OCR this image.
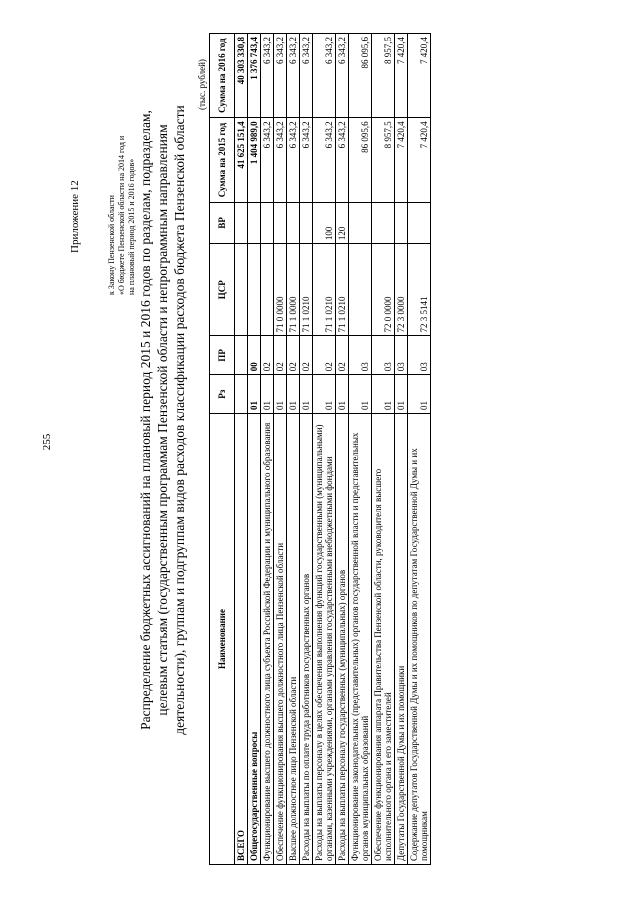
255
Приложение 12	к Закону Пензенской области «О бюджете Пензенской области на 2014 год и на плановый период 2015 и 2016 годов» Распределение бюджетных ассигнований на плановый период 2015 и 2016 годов по разделам, подразделам, целевым статьям (государственным программам Пензенской области и непрограммным направлениям деятельности), группам и подгруппам видов расходов классификации расходов бюджета Пензенской области
(тыс. рублей)
Наименование	Рз	ПР	ЦСР	ВР	Сумма на 2015 год	Сумма на 2016 год
ВСЕГО					41 625 151,4	40 303 330,8
Общегосударственные вопросы	01	00			1 404 989,0	1 376 743,4
Функционирование высшего должностного лица субъекта Российской Федерации и муниципального образования	01	02			6 343,2	6 343,2
Обеспечение функционирования высшего должностного лица Пензенской области	01	02	71 0 0000		6 343,2	6 343,2
Высшее должностное лицо Пензенской области	01	02	71 1 0000		6 343,2	6 343,2
Расходы на выплаты по оплате труда работников государственных органов	01	02	71 1 0210		6 343,2	6 343,2
Расходы на выплаты персоналу в целях обеспечения выполнения функций государственными (муниципальными) органами, казенными учреждениями, органами управления государственными внебюджетными фондами	01	02	71 1 0210	100	6 343,2	6 343,2
Расходы на выплаты персоналу государственных (муниципальных) органов	01	02	71 1 0210	120	6 343,2	6 343,2
Функционирование законодательных (представительных) органов государственной власти и представительных органов муниципальных образований	01	03			86 095,6	86 095,6
Обеспечение функционирования аппарата Правительства Пензенской области, руководителя высшего исполнительного органа и его заместителей	01	03	72 0 0000		8 957,5	8 957,5
Депутаты Государственной Думы и их помощники	01	03	72 3 0000		7 420,4	7 420,4
Содержание депутатов Государственной Думы и их помощников по депутатам Государственной Думы и их помощникам	01	03	72 3 5141		7 420,4	7 420,4
